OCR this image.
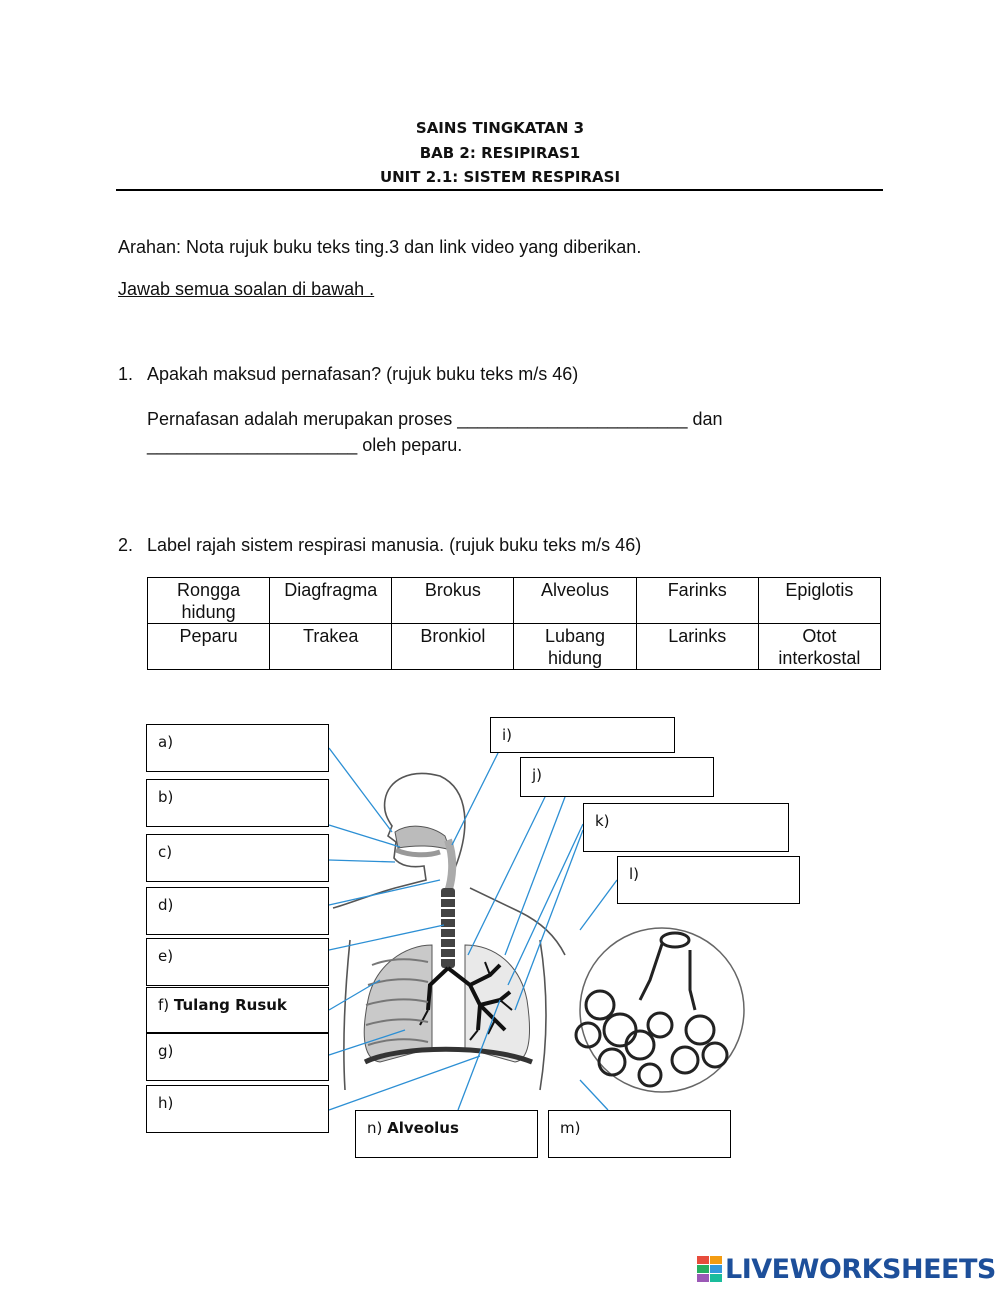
SAINS TINGKATAN 3
BAB 2: RESIPIRAS1
UNIT 2.1: SISTEM RESPIRASI
Arahan: Nota rujuk buku teks ting.3 dan link video yang diberikan.
Jawab semua soalan di bawah .
1. Apakah maksud pernafasan? (rujuk buku teks m/s 46)
Pernafasan adalah merupakan proses _______________________ dan
_____________________ oleh peparu.
2. Label rajah sistem respirasi manusia. (rujuk buku teks m/s 46)
Rongga hidung	Diagfragma	Brokus	Alveolus	Farinks	Epiglotis
Peparu	Trakea	Bronkiol	Lubang hidung	Larinks	Otot interkostal
a)
b)
c)
d)
e)
f) Tulang Rusuk
g)
h)
i)
j)
k)
l)
n) Alveolus	m)
LIVEWORKSHEETS
